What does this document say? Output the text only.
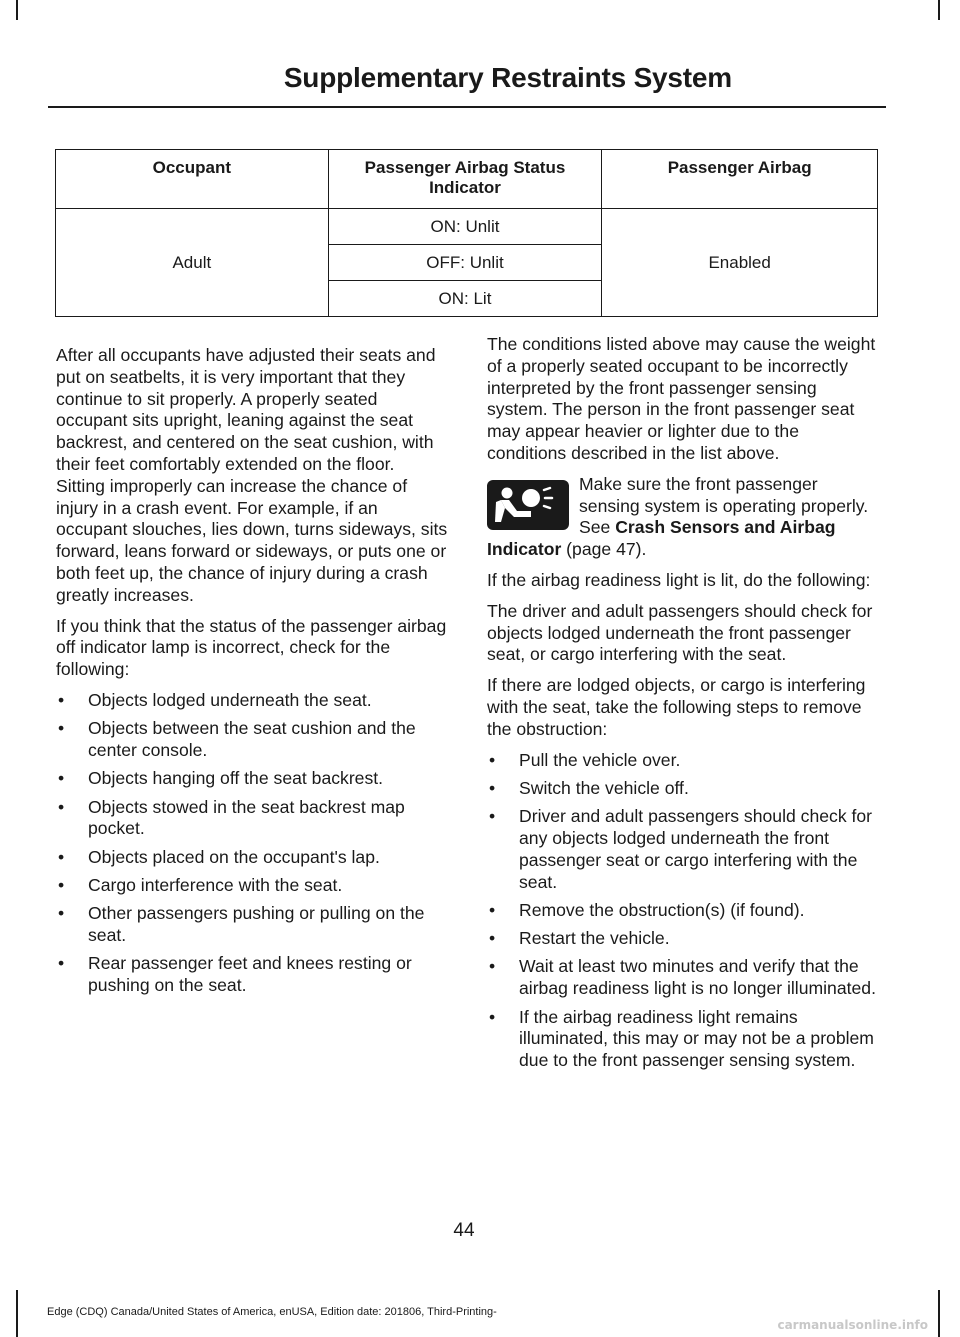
Supplementary Restraints System
Occupant	Passenger Airbag Status Indicator	Passenger Airbag
	ON: Unlit	
Adult	OFF: Unlit	Enabled
	ON: Lit	

After all occupants have adjusted their seats and put on seatbelts, it is very important that they continue to sit properly. A properly seated occupant sits upright, leaning against the seat backrest, and centered on the seat cushion, with their feet comfortably extended on the floor. Sitting improperly can increase the chance of injury in a crash event. For example, if an occupant slouches, lies down, turns sideways, sits forward, leans forward or sideways, or puts one or both feet up, the chance of injury during a crash greatly increases.

If you think that the status of the passenger airbag off indicator lamp is incorrect, check for the following:

• Objects lodged underneath the seat.
• Objects between the seat cushion and the center console.
• Objects hanging off the seat backrest.
• Objects stowed in the seat backrest map pocket.
• Objects placed on the occupant's lap.
• Cargo interference with the seat.
• Other passengers pushing or pulling on the seat.
• Rear passenger feet and knees resting or pushing on the seat.

The conditions listed above may cause the weight of a properly seated occupant to be incorrectly interpreted by the front passenger sensing system. The person in the front passenger seat may appear heavier or lighter due to the conditions described in the list above.

Make sure the front passenger sensing system is operating properly. See Crash Sensors and Airbag Indicator (page 47).

If the airbag readiness light is lit, do the following:

The driver and adult passengers should check for objects lodged underneath the front passenger seat, or cargo interfering with the seat.

If there are lodged objects, or cargo is interfering with the seat, take the following steps to remove the obstruction:

• Pull the vehicle over.
• Switch the vehicle off.
• Driver and adult passengers should check for any objects lodged underneath the front passenger seat or cargo interfering with the seat.
• Remove the obstruction(s) (if found).
• Restart the vehicle.
• Wait at least two minutes and verify that the airbag readiness light is no longer illuminated.
• If the airbag readiness light remains illuminated, this may or may not be a problem due to the front passenger sensing system.
44
Edge (CDQ) Canada/United States of America, enUSA, Edition date: 201806, Third-Printing-
carmanualsonline.info
